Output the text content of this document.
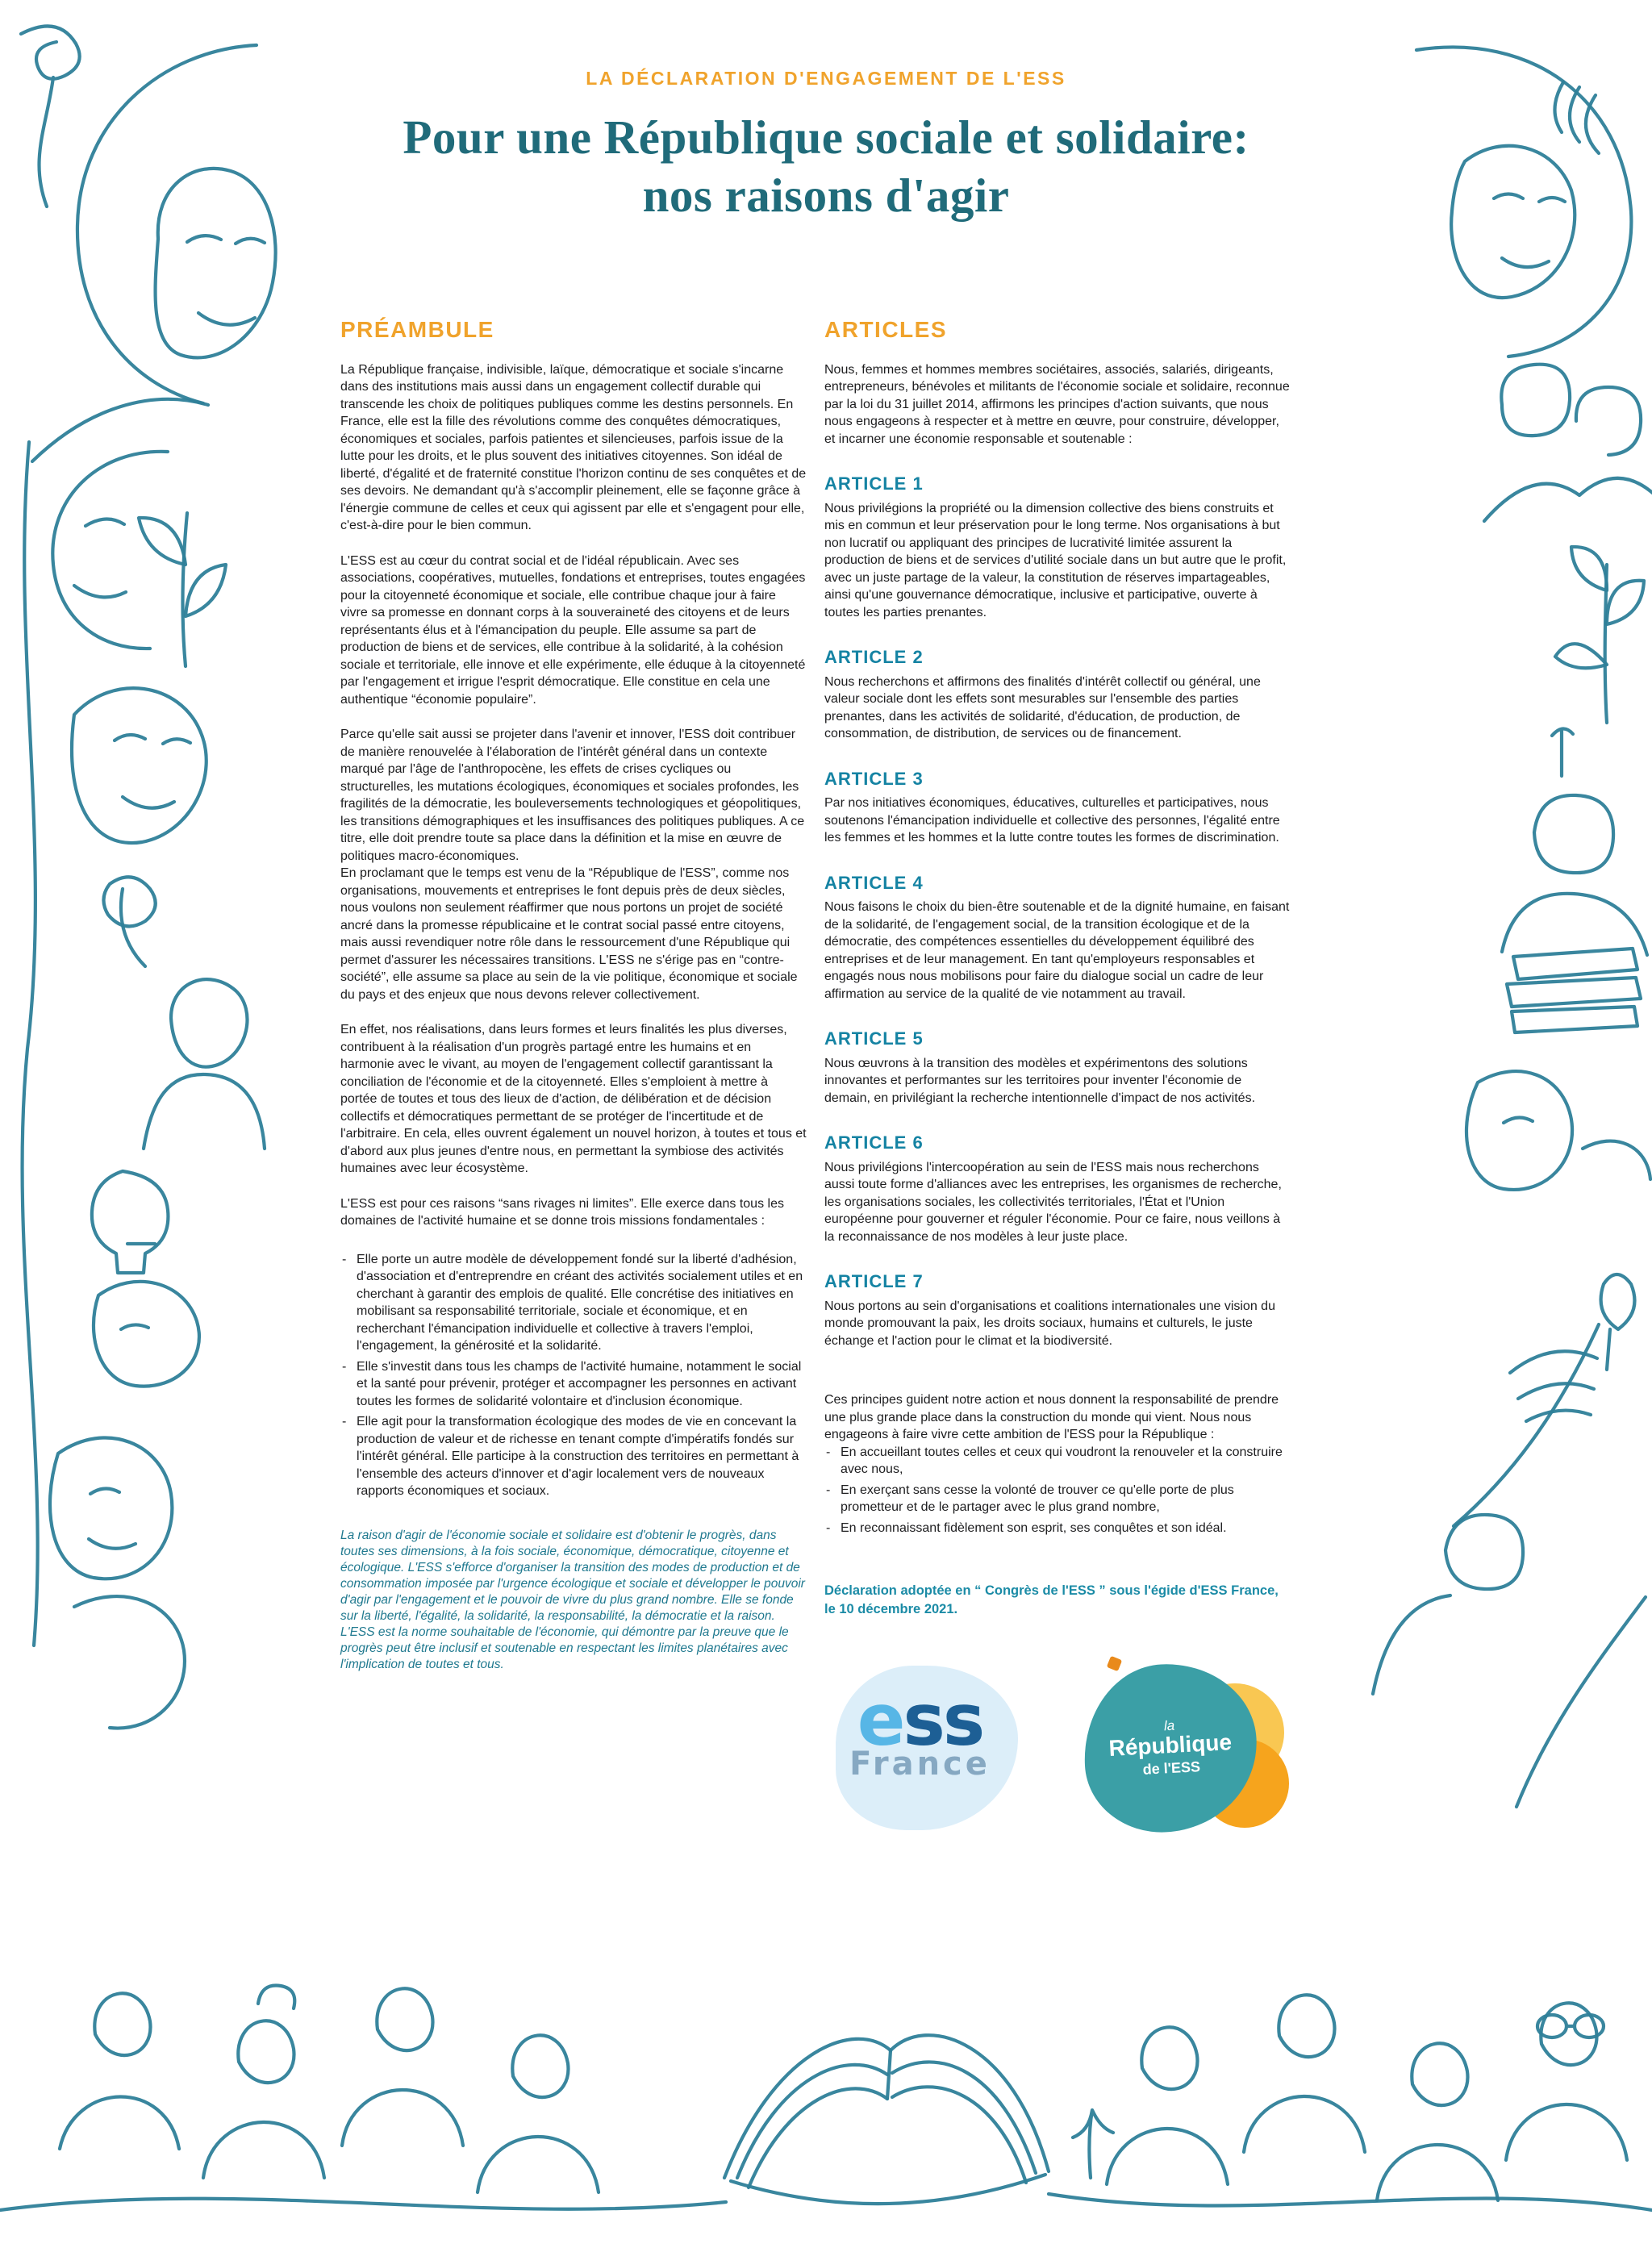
LA DÉCLARATION D'ENGAGEMENT DE L'ESS
Pour une République sociale et solidaire:
nos raisons d'agir
PRÉAMBULE

La République française, indivisible, laïque, démocratique et sociale s'incarne dans des institutions mais aussi dans un engagement collectif durable qui transcende les choix de politiques publiques comme les destins personnels. En France, elle est la fille des révolutions comme des conquêtes démocratiques, économiques et sociales, parfois patientes et silencieuses, parfois issue de la lutte pour les droits, et le plus souvent des initiatives citoyennes. Son idéal de liberté, d'égalité et de fraternité constitue l'horizon continu de ses conquêtes et de ses devoirs. Ne demandant qu'à s'accomplir pleinement, elle se façonne grâce à l'énergie commune de celles et ceux qui agissent par elle et s'engagent pour elle, c'est-à-dire pour le bien commun.

L'ESS est au cœur du contrat social et de l'idéal républicain. Avec ses associations, coopératives, mutuelles, fondations et entreprises, toutes engagées pour la citoyenneté économique et sociale, elle contribue chaque jour à faire vivre sa promesse en donnant corps à la souveraineté des citoyens et de leurs représentants élus et à l'émancipation du peuple. Elle assume sa part de production de biens et de services, elle contribue à la solidarité, à la cohésion sociale et territoriale, elle innove et elle expérimente, elle éduque à la citoyenneté par l'engagement et irrigue l'esprit démocratique. Elle constitue en cela une authentique “économie populaire”.

Parce qu'elle sait aussi se projeter dans l'avenir et innover, l'ESS doit contribuer de manière renouvelée à l'élaboration de l'intérêt général dans un contexte marqué par l'âge de l'anthropocène, les effets de crises cycliques ou structurelles, les mutations écologiques, économiques et sociales profondes, les fragilités de la démocratie, les bouleversements technologiques et géopolitiques, les transitions démographiques et les insuffisances des politiques publiques. A ce titre, elle doit prendre toute sa place dans la définition et la mise en œuvre de politiques macro-économiques.

En proclamant que le temps est venu de la “République de l'ESS”, comme nos organisations, mouvements et entreprises le font depuis près de deux siècles, nous voulons non seulement réaffirmer que nous portons un projet de société ancré dans la promesse républicaine et le contrat social passé entre citoyens, mais aussi revendiquer notre rôle dans le ressourcement d'une République qui permet d'assurer les nécessaires transitions. L'ESS ne s'érige pas en “contre-société”, elle assume sa place au sein de la vie politique, économique et sociale du pays et des enjeux que nous devons relever collectivement.

En effet, nos réalisations, dans leurs formes et leurs finalités les plus diverses, contribuent à la réalisation d'un progrès partagé entre les humains et en harmonie avec le vivant, au moyen de l'engagement collectif garantissant la conciliation de l'économie et de la citoyenneté. Elles s'emploient à mettre à portée de toutes et tous des lieux de d'action, de délibération et de décision collectifs et démocratiques permettant de se protéger de l'incertitude et de l'arbitraire. En cela, elles ouvrent également un nouvel horizon, à toutes et tous et d'abord aux plus jeunes d'entre nous, en permettant la symbiose des activités humaines avec leur écosystème.

L'ESS est pour ces raisons “sans rivages ni limites”. Elle exerce dans tous les domaines de l'activité humaine et se donne trois missions fondamentales :

- Elle porte un autre modèle de développement fondé sur la liberté d'adhésion, d'association et d'entreprendre en créant des activités socialement utiles et en cherchant à garantir des emplois de qualité. Elle concrétise des initiatives en mobilisant sa responsabilité territoriale, sociale et économique, et en recherchant l'émancipation individuelle et collective à travers l'emploi, l'engagement, la générosité et la solidarité.
- Elle s'investit dans tous les champs de l'activité humaine, notamment le social et la santé pour prévenir, protéger et accompagner les personnes en activant toutes les formes de solidarité volontaire et d'inclusion économique.
- Elle agit pour la transformation écologique des modes de vie en concevant la production de valeur et de richesse en tenant compte d'impératifs fondés sur l'intérêt général. Elle participe à la construction des territoires en permettant à l'ensemble des acteurs d'innover et d'agir localement vers de nouveaux rapports économiques et sociaux.

La raison d'agir de l'économie sociale et solidaire est d'obtenir le progrès, dans toutes ses dimensions, à la fois sociale, économique, démocratique, citoyenne et écologique. L'ESS s'efforce d'organiser la transition des modes de production et de consommation imposée par l'urgence écologique et sociale et développer le pouvoir d'agir par l'engagement et le pouvoir de vivre du plus grand nombre. Elle se fonde sur la liberté, l'égalité, la solidarité, la responsabilité, la démocratie et la raison. L'ESS est la norme souhaitable de l'économie, qui démontre par la preuve que le progrès peut être inclusif et soutenable en respectant les limites planétaires avec l'implication de toutes et tous.

ARTICLES

Nous, femmes et hommes membres sociétaires, associés, salariés, dirigeants, entrepreneurs, bénévoles et militants de l'économie sociale et solidaire, reconnue par la loi du 31 juillet 2014, affirmons les principes d'action suivants, que nous nous engageons à respecter et à mettre en œuvre, pour construire, développer, et incarner une économie responsable et soutenable :

ARTICLE 1

Nous privilégions la propriété ou la dimension collective des biens construits et mis en commun et leur préservation pour le long terme. Nos organisations à but non lucratif ou appliquant des principes de lucrativité limitée assurent la production de biens et de services d'utilité sociale dans un but autre que le profit, avec un juste partage de la valeur, la constitution de réserves impartageables, ainsi qu'une gouvernance démocratique, inclusive et participative, ouverte à toutes les parties prenantes.

ARTICLE 2

Nous recherchons et affirmons des finalités d'intérêt collectif ou général, une valeur sociale dont les effets sont mesurables sur l'ensemble des parties prenantes, dans les activités de solidarité, d'éducation, de production, de consommation, de distribution, de services ou de financement.

ARTICLE 3

Par nos initiatives économiques, éducatives, culturelles et participatives, nous soutenons l'émancipation individuelle et collective des personnes, l'égalité entre les femmes et les hommes et la lutte contre toutes les formes de discrimination.

ARTICLE 4

Nous faisons le choix du bien-être soutenable et de la dignité humaine, en faisant de la solidarité, de l'engagement social, de la transition écologique et de la démocratie, des compétences essentielles du développement équilibré des entreprises et de leur management. En tant qu'employeurs responsables et engagés nous nous mobilisons pour faire du dialogue social un cadre de leur affirmation au service de la qualité de vie notamment au travail.

ARTICLE 5

Nous œuvrons à la transition des modèles et expérimentons des solutions innovantes et performantes sur les territoires pour inventer l'économie de demain, en privilégiant la recherche intentionnelle d'impact de nos activités.

ARTICLE 6

Nous privilégions l'intercoopération au sein de l'ESS mais nous recherchons aussi toute forme d'alliances avec les entreprises, les organismes de recherche, les organisations sociales, les collectivités territoriales, l'État et l'Union européenne pour gouverner et réguler l'économie. Pour ce faire, nous veillons à la reconnaissance de nos modèles à leur juste place.

ARTICLE 7

Nous portons au sein d'organisations et coalitions internationales une vision du monde promouvant la paix, les droits sociaux, humains et culturels, le juste échange et l'action pour le climat et la biodiversité.

Ces principes guident notre action et nous donnent la responsabilité de prendre une plus grande place dans la construction du monde qui vient. Nous nous engageons à faire vivre cette ambition de l'ESS pour la République :

- En accueillant toutes celles et ceux qui voudront la renouveler et la construire avec nous,
- En exerçant sans cesse la volonté de trouver ce qu'elle porte de plus prometteur et de le partager avec le plus grand nombre,
- En reconnaissant fidèlement son esprit, ses conquêtes et son idéal.

Déclaration adoptée en “ Congrès de l'ESS ” sous l'égide d'ESS France, le 10 décembre 2021.

ess
France
la
République
de l'ESS
